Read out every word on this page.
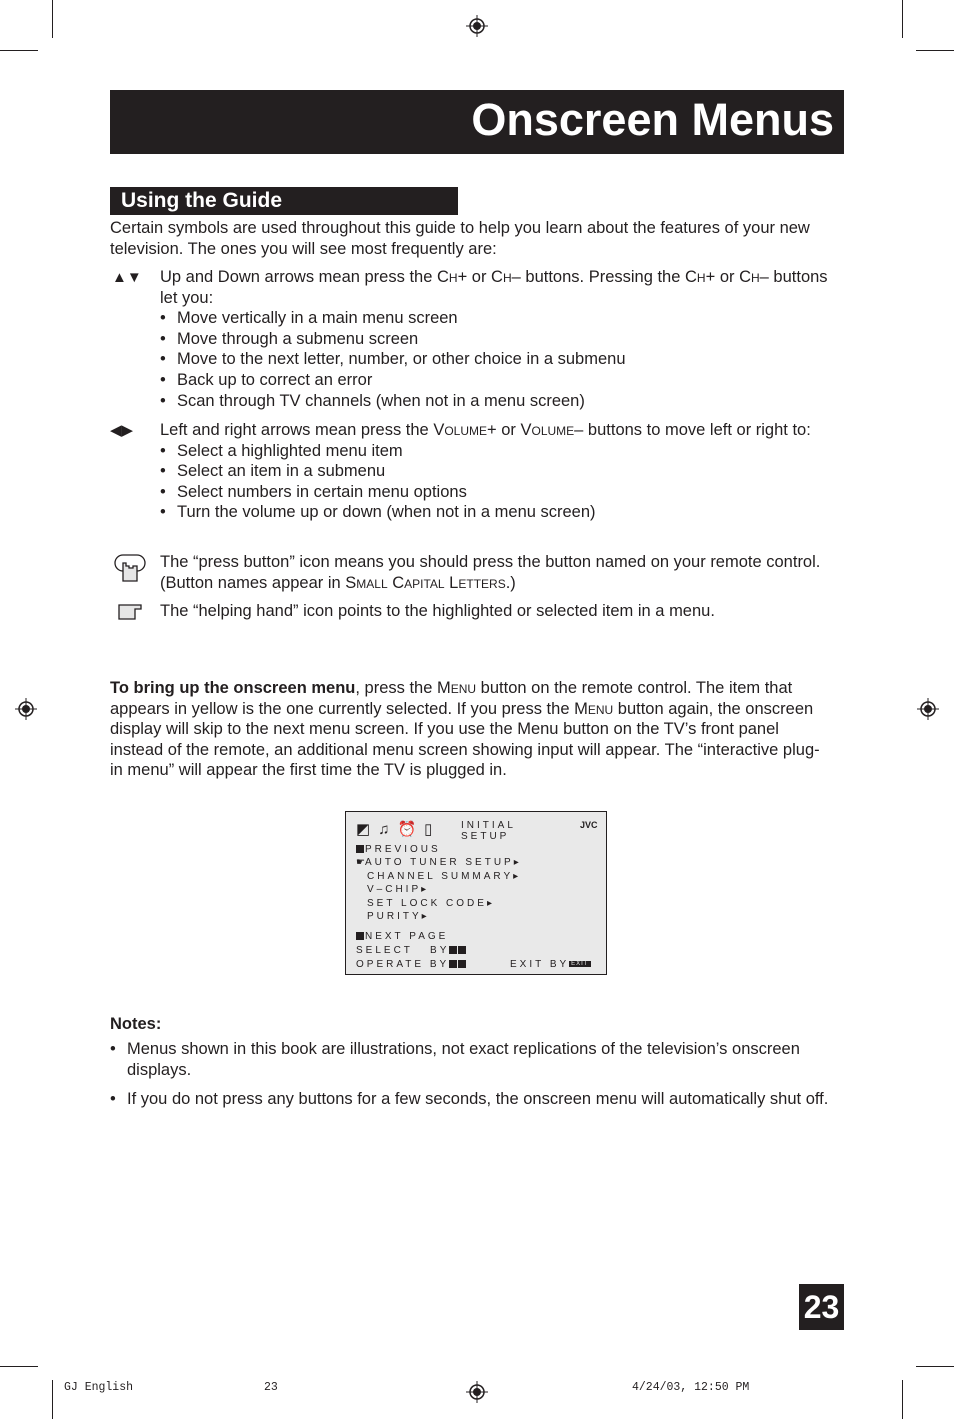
Onscreen Menus
Using the Guide
Certain symbols are used throughout this guide to help you learn about the features of your new television. The ones you will see most frequently are:
▲▼ Up and Down arrows mean press the Ch+ or Ch– buttons. Pressing the Ch+ or Ch– buttons let you:
• Move vertically in a main menu screen
• Move through a submenu screen
• Move to the next letter, number, or other choice in a submenu
• Back up to correct an error
• Scan through TV channels (when not in a menu screen)
◀▶ Left and right arrows mean press the Volume+ or Volume– buttons to move left or right to:
• Select a highlighted menu item
• Select an item in a submenu
• Select numbers in certain menu options
• Turn the volume up or down (when not in a menu screen)
The “press button” icon means you should press the button named on your remote control. (Button names appear in Small Capital Letters.)
The “helping hand” icon points to the highlighted or selected item in a menu.
To bring up the onscreen menu, press the Menu button on the remote control. The item that appears in yellow is the one currently selected. If you press the Menu button again, the onscreen display will skip to the next menu screen. If you use the Menu button on the TV’s front panel instead of the remote, an additional menu screen showing input will appear. The “interactive plug-in menu” will appear the first time the TV is plugged in.
◩♫⏰▯ INITIAL
SETUP
JVC
PREVIOUS
☛AUTO TUNER SETUP▸
CHANNEL SUMMARY▸
V–CHIP▸
SET LOCK CODE▸
PURITY▸
NEXT PAGE
SELECT   BY
OPERATE BY	EXIT BY EXIT
Notes:
• Menus shown in this book are illustrations, not exact replications of the television’s onscreen displays.
• If you do not press any buttons for a few seconds, the onscreen menu will automatically shut off.
23
GJ English	23	4/24/03, 12:50 PM
